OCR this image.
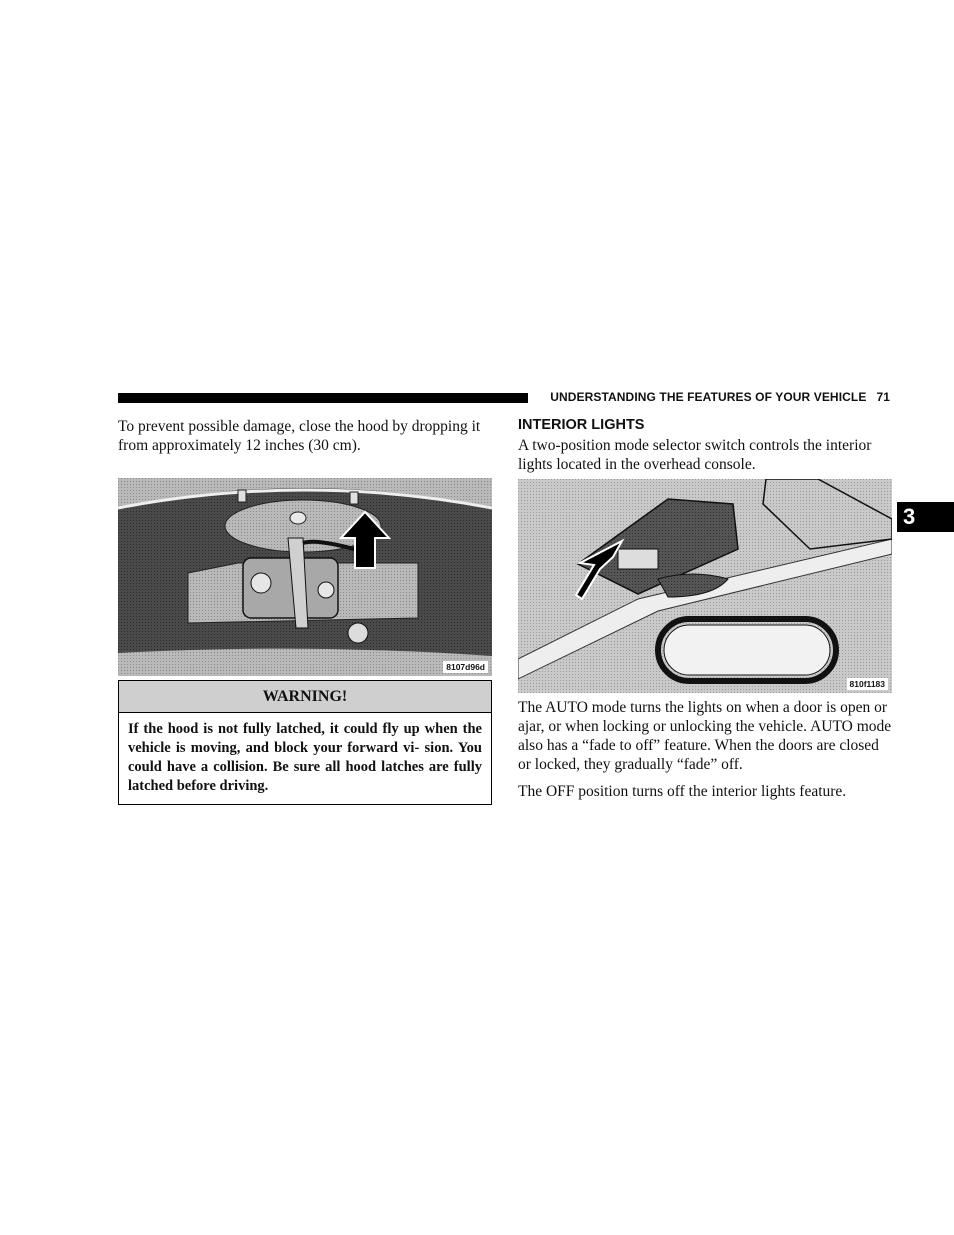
UNDERSTANDING THE FEATURES OF YOUR VEHICLE 71
3

To prevent possible damage, close the hood by dropping it from approximately 12 inches (30 cm).

8107d96d
WARNING!
If the hood is not fully latched, it could fly up when the vehicle is moving, and block your forward vi- sion. You could have a collision. Be sure all hood latches are fully latched before driving.
INTERIOR LIGHTS

A two-position mode selector switch controls the interior lights located in the overhead console.

810f1183

The AUTO mode turns the lights on when a door is open or ajar, or when locking or unlocking the vehicle. AUTO mode also has a “fade to off” feature. When the doors are closed or locked, they gradually “fade” off.

The OFF position turns off the interior lights feature.
